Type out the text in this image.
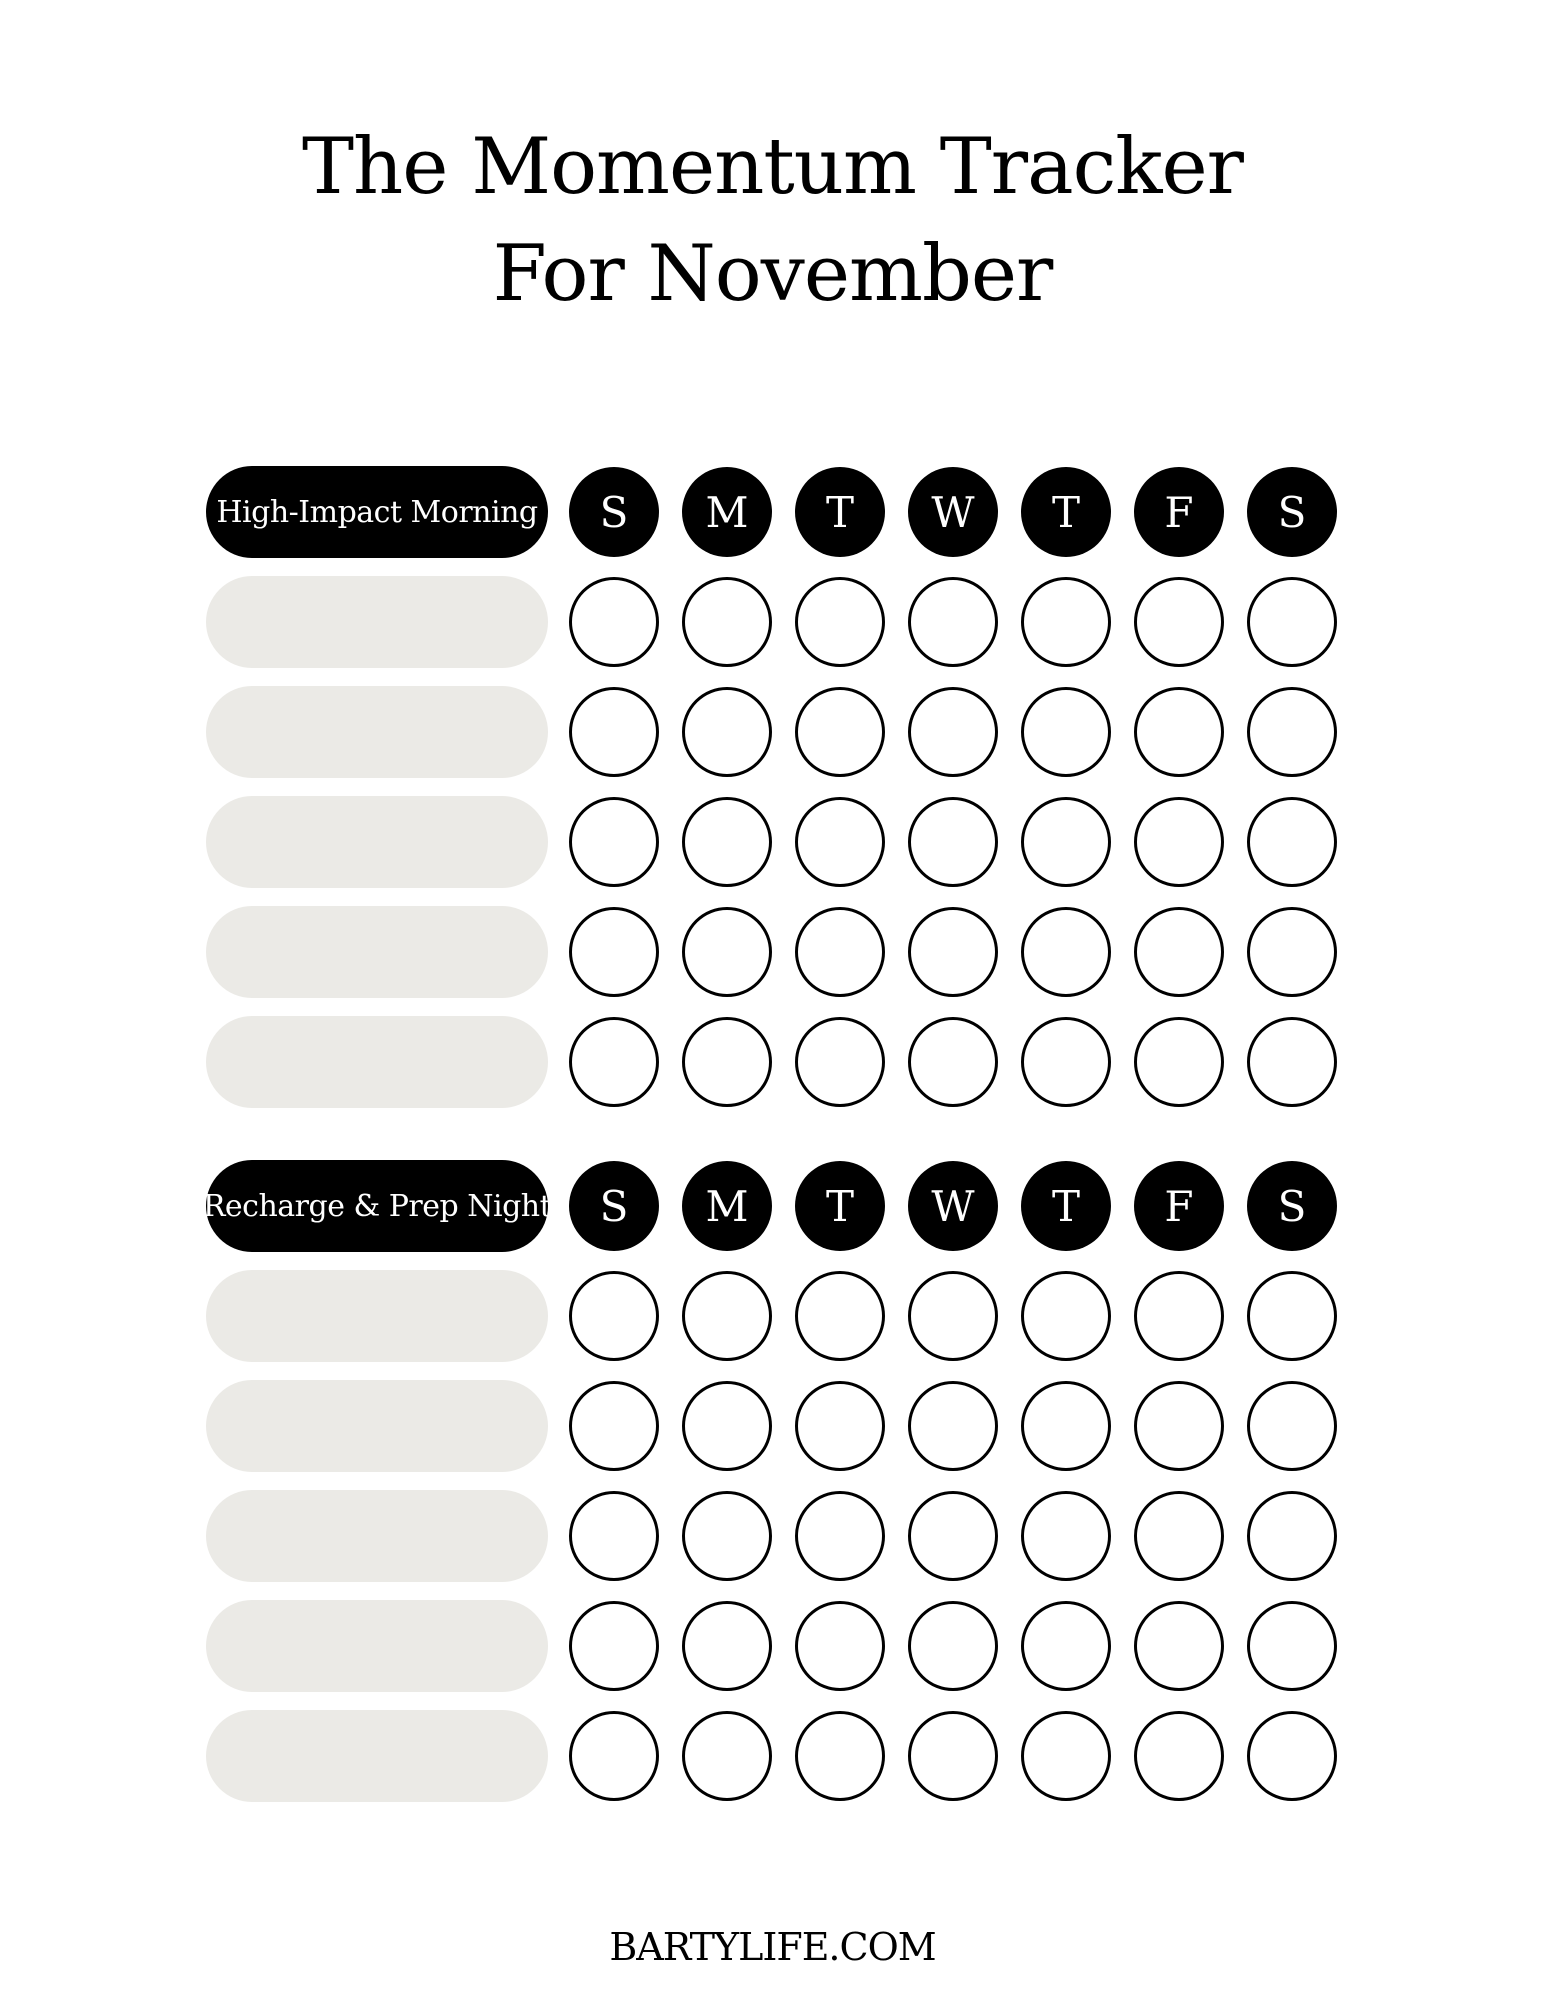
The Momentum Tracker
For November
High-Impact Morning	S	M	T	W	T	F	S
Recharge & Prep Night	S	M	T	W	T	F	S
BARTYLIFE.COM
